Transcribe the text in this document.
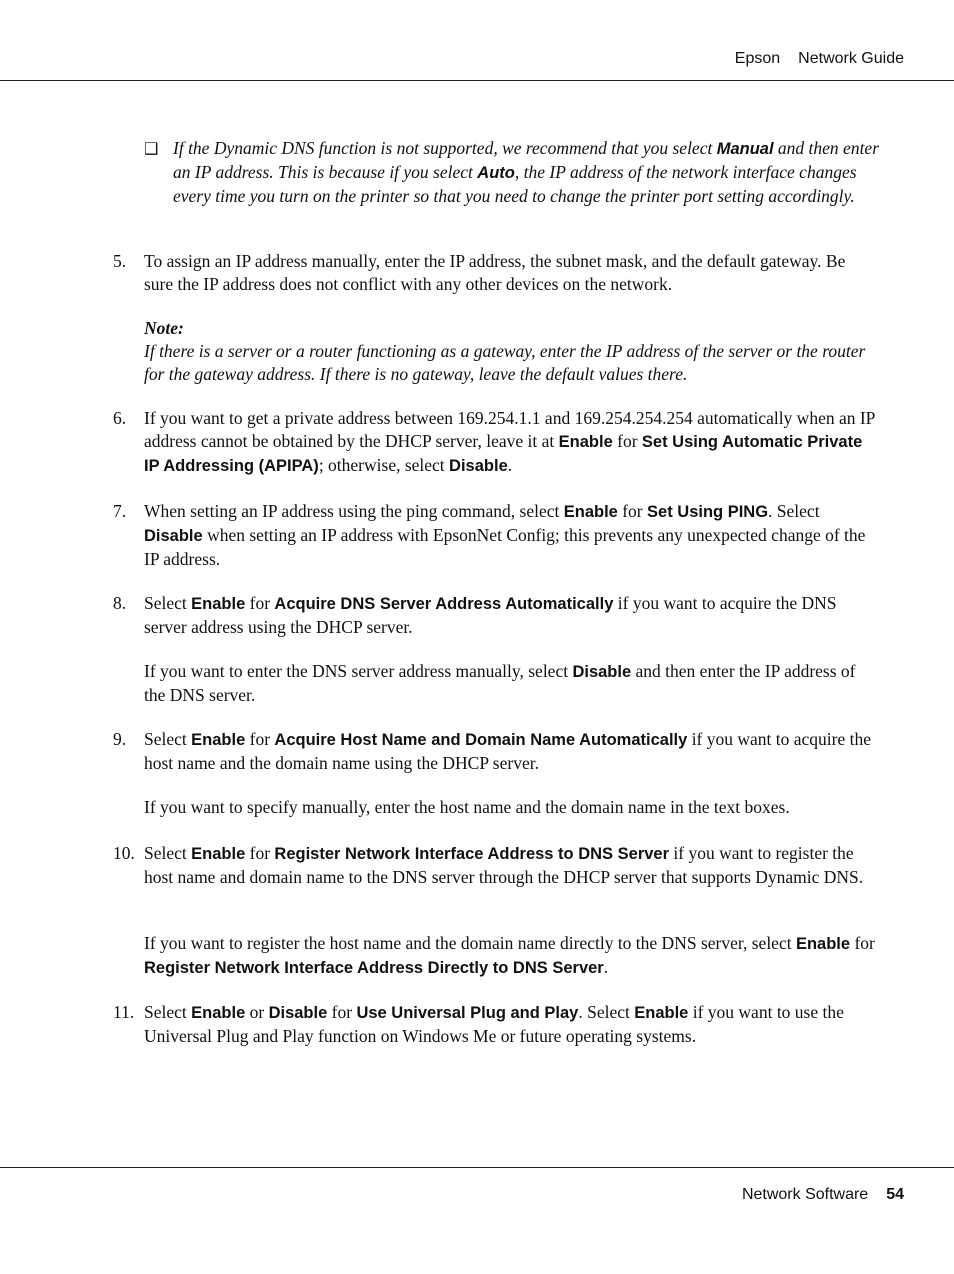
Epson Network Guide
❑ If the Dynamic DNS function is not supported, we recommend that you select Manual and then enter an IP address. This is because if you select Auto, the IP address of the network interface changes every time you turn on the printer so that you need to change the printer port setting accordingly.

5. To assign an IP address manually, enter the IP address, the subnet mask, and the default gateway. Be sure the IP address does not conflict with any other devices on the network.

Note:

If there is a server or a router functioning as a gateway, enter the IP address of the server or the router for the gateway address. If there is no gateway, leave the default values there.

6. If you want to get a private address between 169.254.1.1 and 169.254.254.254 automatically when an IP address cannot be obtained by the DHCP server, leave it at Enable for Set Using Automatic Private IP Addressing (APIPA); otherwise, select Disable.

7. When setting an IP address using the ping command, select Enable for Set Using PING. Select Disable when setting an IP address with EpsonNet Config; this prevents any unexpected change of the IP address.

8. Select Enable for Acquire DNS Server Address Automatically if you want to acquire the DNS server address using the DHCP server.

If you want to enter the DNS server address manually, select Disable and then enter the IP address of the DNS server.

9. Select Enable for Acquire Host Name and Domain Name Automatically if you want to acquire the host name and the domain name using the DHCP server.

If you want to specify manually, enter the host name and the domain name in the text boxes.

10. Select Enable for Register Network Interface Address to DNS Server if you want to register the host name and domain name to the DNS server through the DHCP server that supports Dynamic DNS.

If you want to register the host name and the domain name directly to the DNS server, select Enable for Register Network Interface Address Directly to DNS Server.

11. Select Enable or Disable for Use Universal Plug and Play. Select Enable if you want to use the Universal Plug and Play function on Windows Me or future operating systems.

Network Software 54
